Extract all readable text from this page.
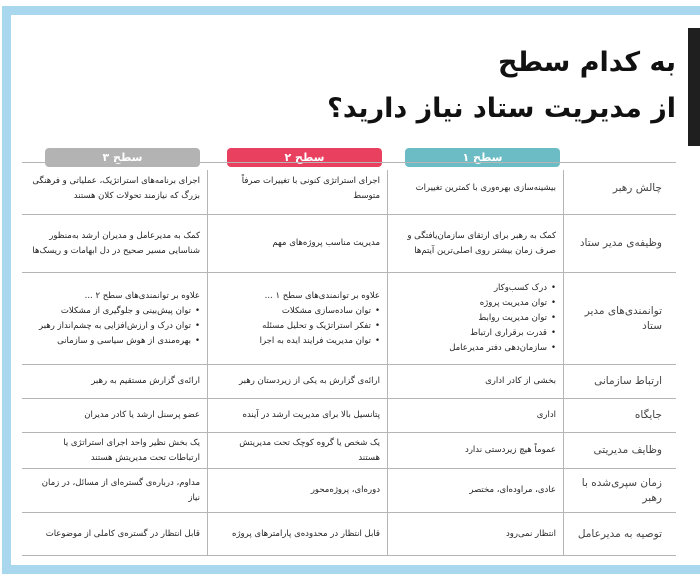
به کدام سطح
از مدیریت ستاد نیاز دارید؟
سطح ۱
سطح ۲
سطح ۳
چالش رهبر
بیشینه‌سازی بهره‌وری با کمترین تغییرات
اجرای استراتژی کنونی با تغییرات صرفاً متوسط
اجرای برنامه‌های استراتژیک، عملیاتی و فرهنگی بزرگ که نیازمند تحولات کلان هستند
وظیفه‌ی مدیر ستاد
کمک به رهبر برای ارتقای سازمان‌یافتگی و صرف زمان بیشتر روی اصلی‌ترین آیتم‌ها
مدیریت مناسب پروژه‌های مهم
کمک به مدیرعامل و مدیران ارشد به‌منظور شناسایی مسیر صحیح در دل ابهامات و ریسک‌ها
توانمندی‌های مدیر ستاد
• درک کسب‌وکار
• توان مدیریت پروژه
• توان مدیریت روابط
• قدرت برقراری ارتباط
• سازمان‌دهی دفتر مدیرعامل
علاوه بر توانمندی‌های سطح ۱ ...
• توان ساده‌سازی مشکلات
• تفکر استراتژیک و تحلیل مسئله
• توان مدیریت فرایند ایده به اجرا
علاوه بر توانمندی‌های سطح ۲ ...
• توان پیش‌بینی و جلوگیری از مشکلات
• توان درک و ارزش‌افزایی به چشم‌انداز رهبر
• بهره‌مندی از هوش سیاسی و سازمانی
ارتباط سازمانی
بخشی از کادر اداری
ارائه‌ی گزارش به یکی از زیردستان رهبر
ارائه‌ی گزارش مستقیم به رهبر
جایگاه
اداری
پتانسیل بالا برای مدیریت ارشد در آینده
عضو پرسنل ارشد یا کادر مدیران
وظایف مدیریتی
عموماً هیچ زیردستی ندارد
یک شخص یا گروه کوچک تحت مدیریتش هستند
یک بخش نظیر واحد اجرای استراتژی یا ارتباطات تحت مدیریتش هستند
زمان سپری‌شده با رهبر
عادی، مراوده‌ای، مختصر
دوره‌ای، پروژه‌محور
مداوم، درباره‌ی گستره‌ای از مسائل، در زمان نیاز
توصیه به مدیرعامل
انتظار نمی‌رود
قابل انتظار در محدوده‌ی پارامترهای پروژه
قابل انتظار در گستره‌ی کاملی از موضوعات
